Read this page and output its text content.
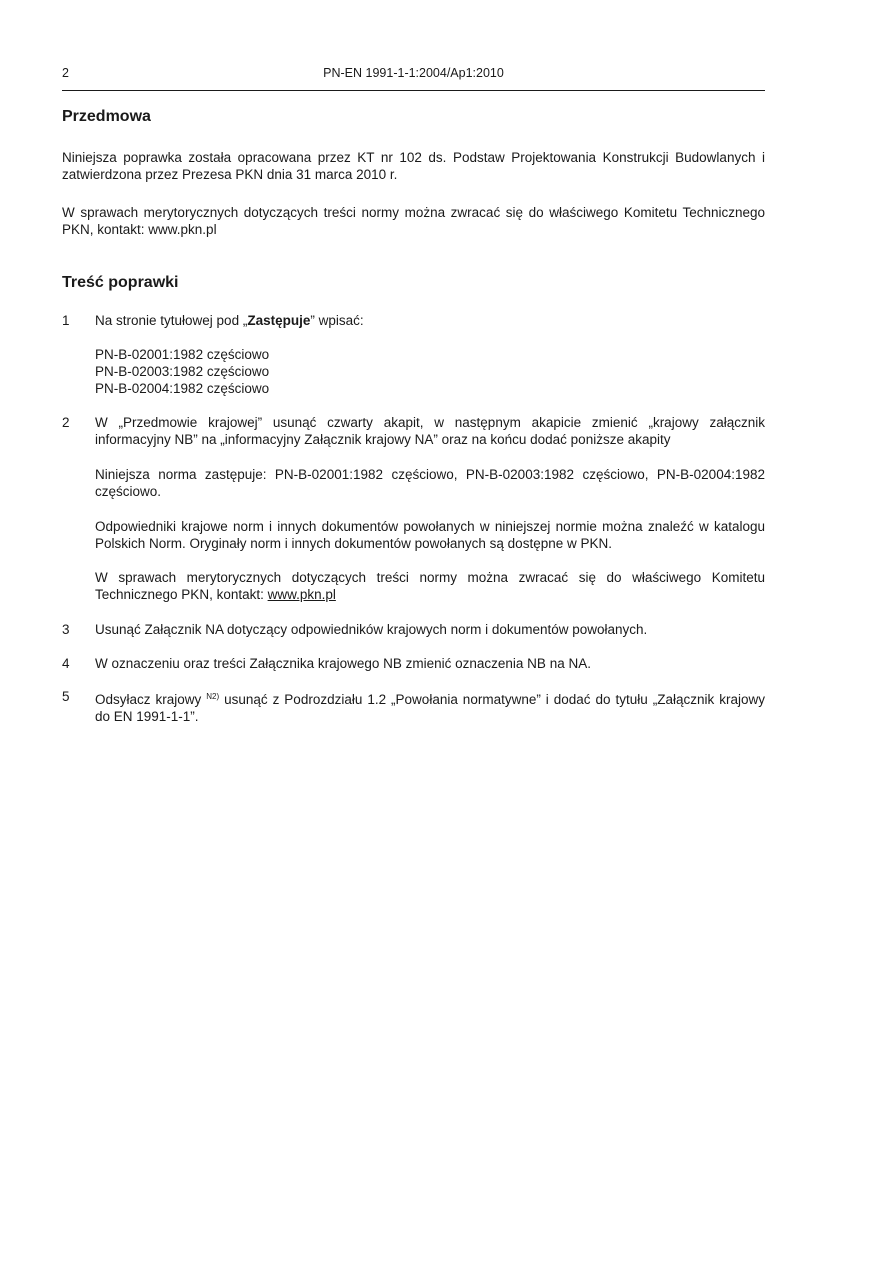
2	PN-EN 1991-1-1:2004/Ap1:2010
Przedmowa

Niniejsza poprawka została opracowana przez KT nr 102 ds. Podstaw Projektowania Konstrukcji Budowlanych i zatwierdzona przez Prezesa PKN dnia 31 marca 2010 r.

W sprawach merytorycznych dotyczących treści normy można zwracać się do właściwego Komitetu Technicznego PKN, kontakt: www.pkn.pl

Treść poprawki
1	Na stronie tytułowej pod „Zastępuje” wpisać:
PN-B-02001:1982 częściowo
PN-B-02003:1982 częściowo
PN-B-02004:1982 częściowo
2	W „Przedmowie krajowej” usunąć czwarty akapit, w następnym akapicie zmienić „krajowy załącznik informacyjny NB” na „informacyjny Załącznik krajowy NA” oraz na końcu dodać poniższe akapity
Niniejsza norma zastępuje: PN-B-02001:1982 częściowo, PN-B-02003:1982 częściowo, PN-B-02004:1982 częściowo.
Odpowiedniki krajowe norm i innych dokumentów powołanych w niniejszej normie można znaleźć w katalogu Polskich Norm. Oryginały norm i innych dokumentów powołanych są dostępne w PKN.
W sprawach merytorycznych dotyczących treści normy można zwracać się do właściwego Komitetu Technicznego PKN, kontakt: www.pkn.pl
3	Usunąć Załącznik NA dotyczący odpowiedników krajowych norm i dokumentów powołanych.
4	W oznaczeniu oraz treści Załącznika krajowego NB zmienić oznaczenia NB na NA.
5	Odsyłacz krajowy $^{N2)}$ usunąć z Podrozdziału 1.2 „Powołania normatywne” i dodać do tytułu „Załącznik krajowy do EN 1991-1-1”.
